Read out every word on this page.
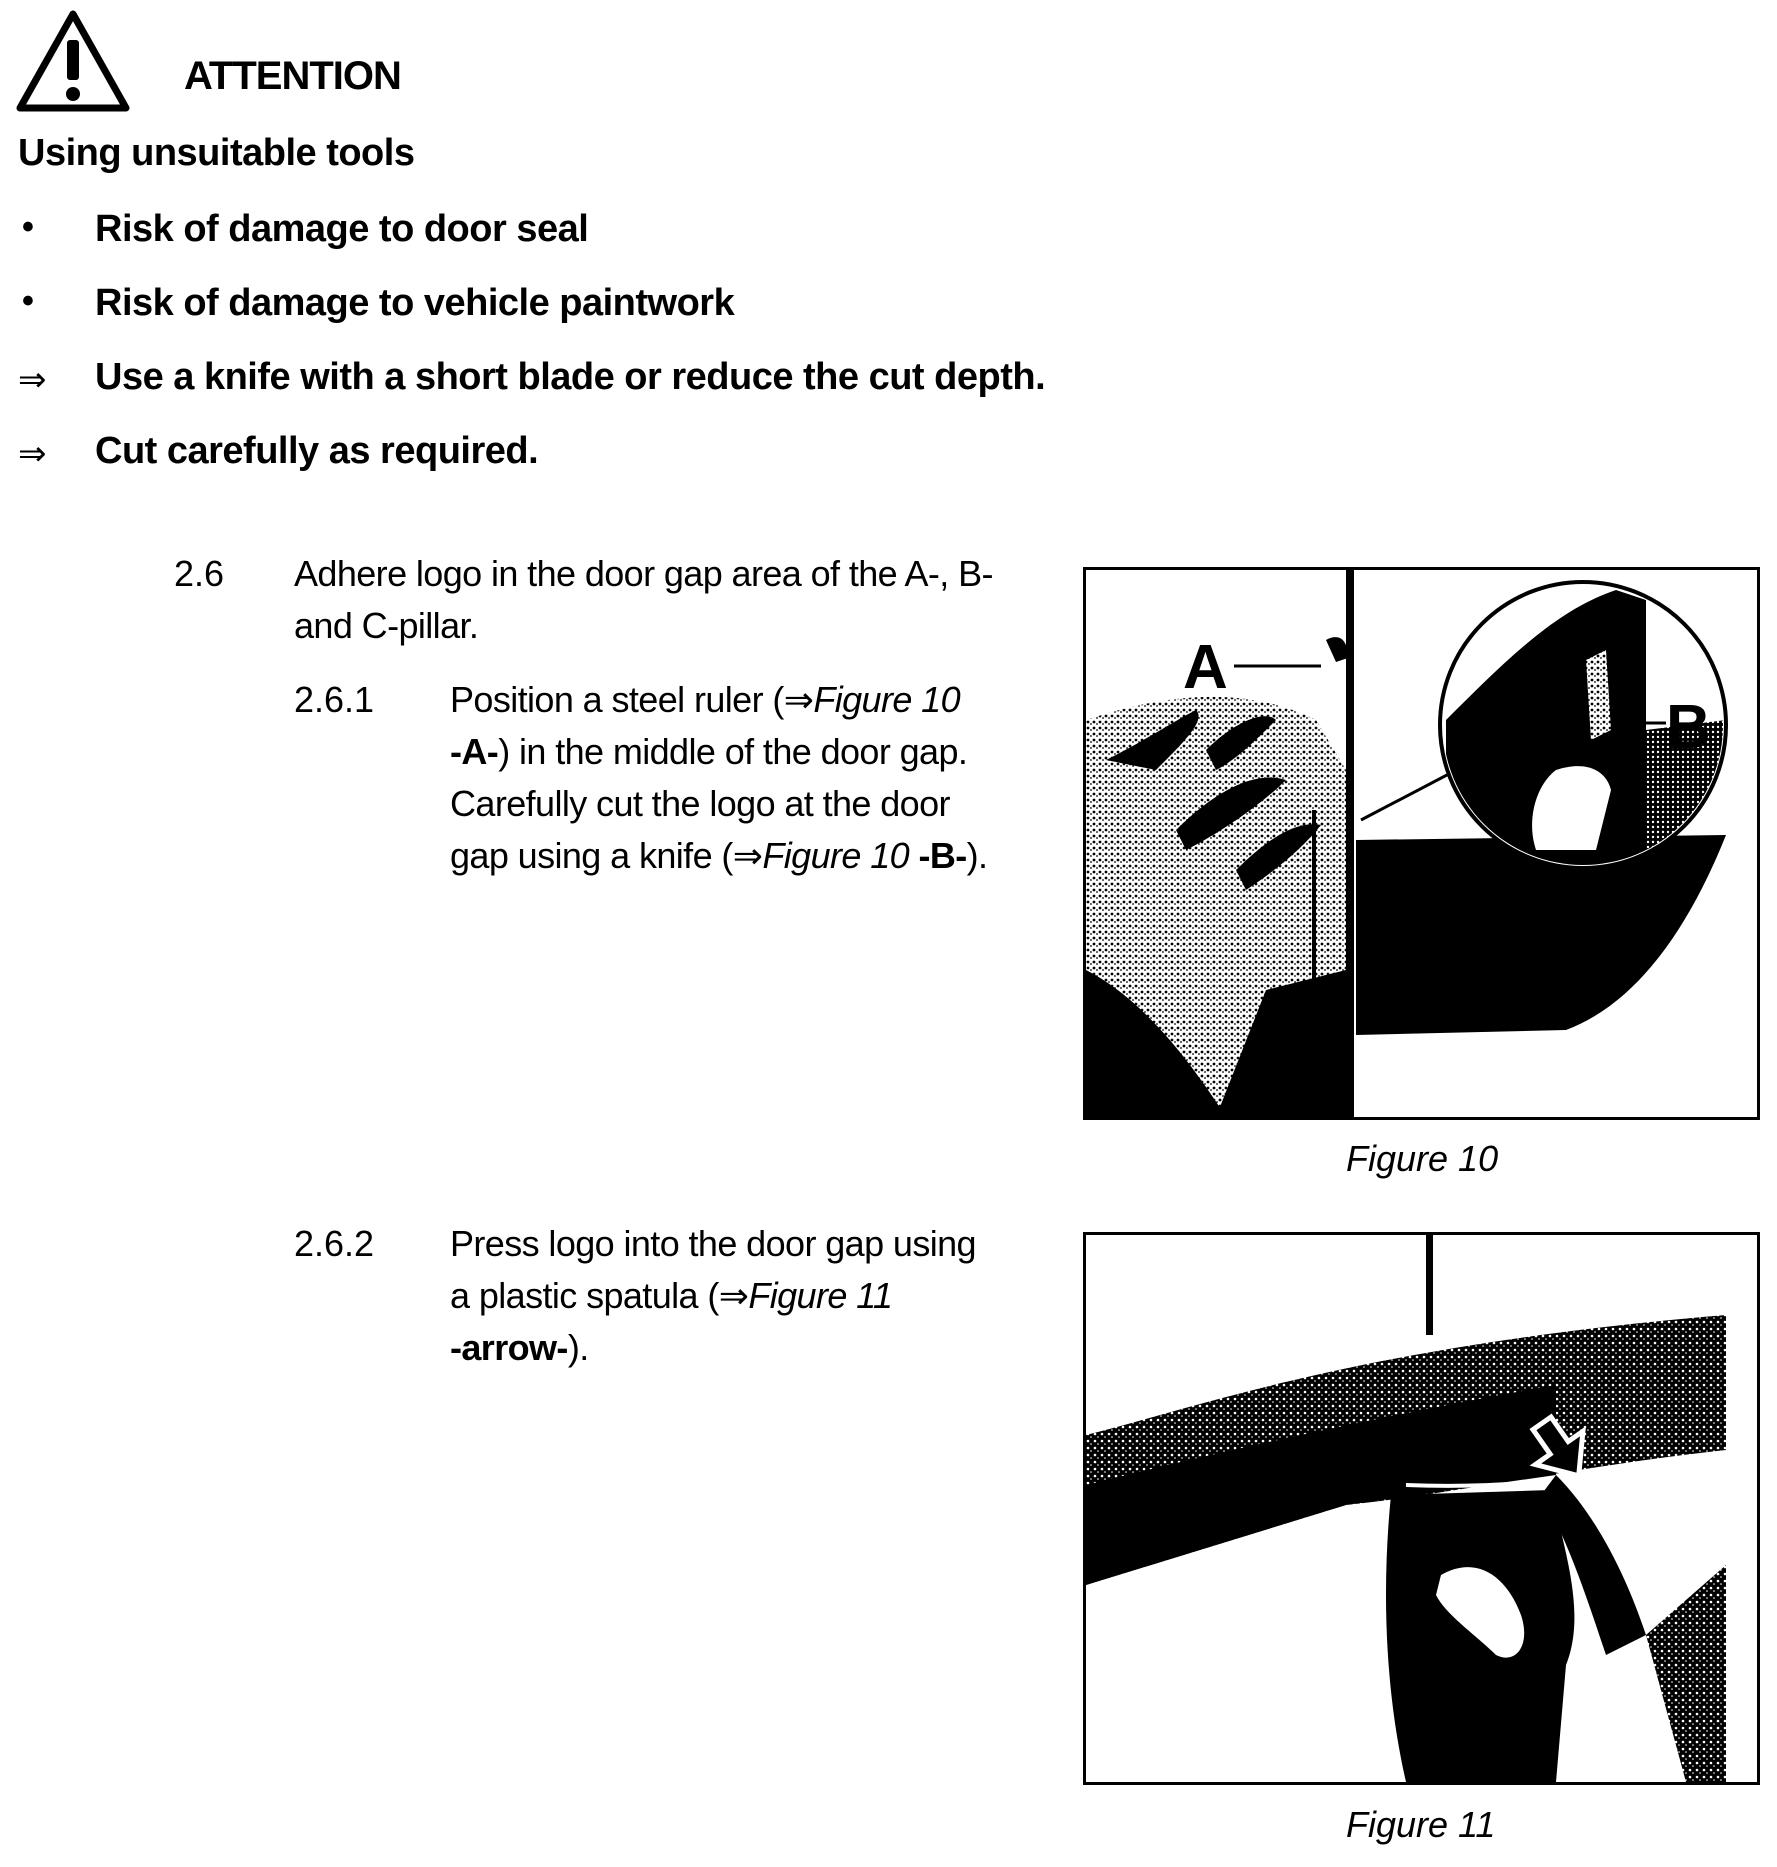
ATTENTION
Using unsuitable tools
•	Risk of damage to door seal
•	Risk of damage to vehicle paintwork
⇒	Use a knife with a short blade or reduce the cut depth.
⇒	Cut carefully as required.
2.6 Adhere logo in the door gap area of the A-, B-
and C-pillar.
2.6.1 Position a steel ruler (⇒Figure 10
-A-) in the middle of the door gap.
Carefully cut the logo at the door
gap using a knife (⇒Figure 10 -B-).
A
B
Figure 10
2.6.2 Press logo into the door gap using
a plastic spatula (⇒Figure 11
-arrow-).
Figure 11
